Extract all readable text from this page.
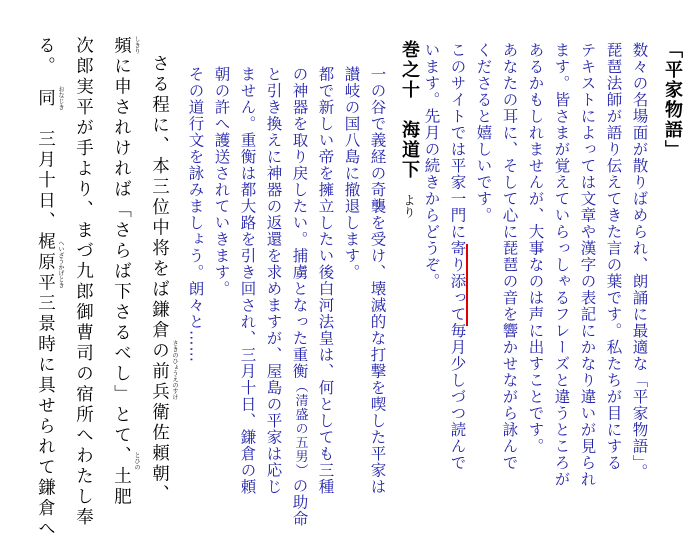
「平家物語」
数々の名場面が散りばめられ、朗誦に最適な「平家物語」。
琵琶法師が語り伝えてきた言の葉です。私たちが目にする
テキストによっては文章や漢字の表記にかなり違いが見られ
ます。皆さまが覚えていらっしゃるフレーズと違うところが
あるかもしれませんが、大事なのは声に出すことです。
あなたの耳に、そして心に琵琶の音を響かせながら詠んで
くださると嬉しいです。
このサイトでは平家一門に寄り添って毎月少しづつ読んで
います。先月の続きからどうぞ。
巻之十　海道下より
一の谷で義経の奇襲を受け、壊滅的な打撃を喫した平家は
讃岐の国八島に撤退します。
都で新しい帝を擁立したい後白河法皇は、何としても三種
の神器を取り戻したい。捕虜となった重衡（清盛の五男）の助命
と引き換えに神器の返還を求めますが、屋島の平家は応じ
ません。重衡は都大路を引き回され、三月十日、鎌倉の頼
朝の許へ護送されていきます。
その道行文を詠みましょう。朗々と……
さる程に、本三位中将をば鎌倉の前兵衛佐頼朝、
頻に申されければ「さらば下さるべし」とて、土肥
次郎実平が手より、まづ九郎御曹司の宿所へわたし奉
る。　同　三月十日、梶原平三景時に具せられて鎌倉へ	さきのひょうえのすけ
しきり
とひの
おなじき
へいざうかげとき
